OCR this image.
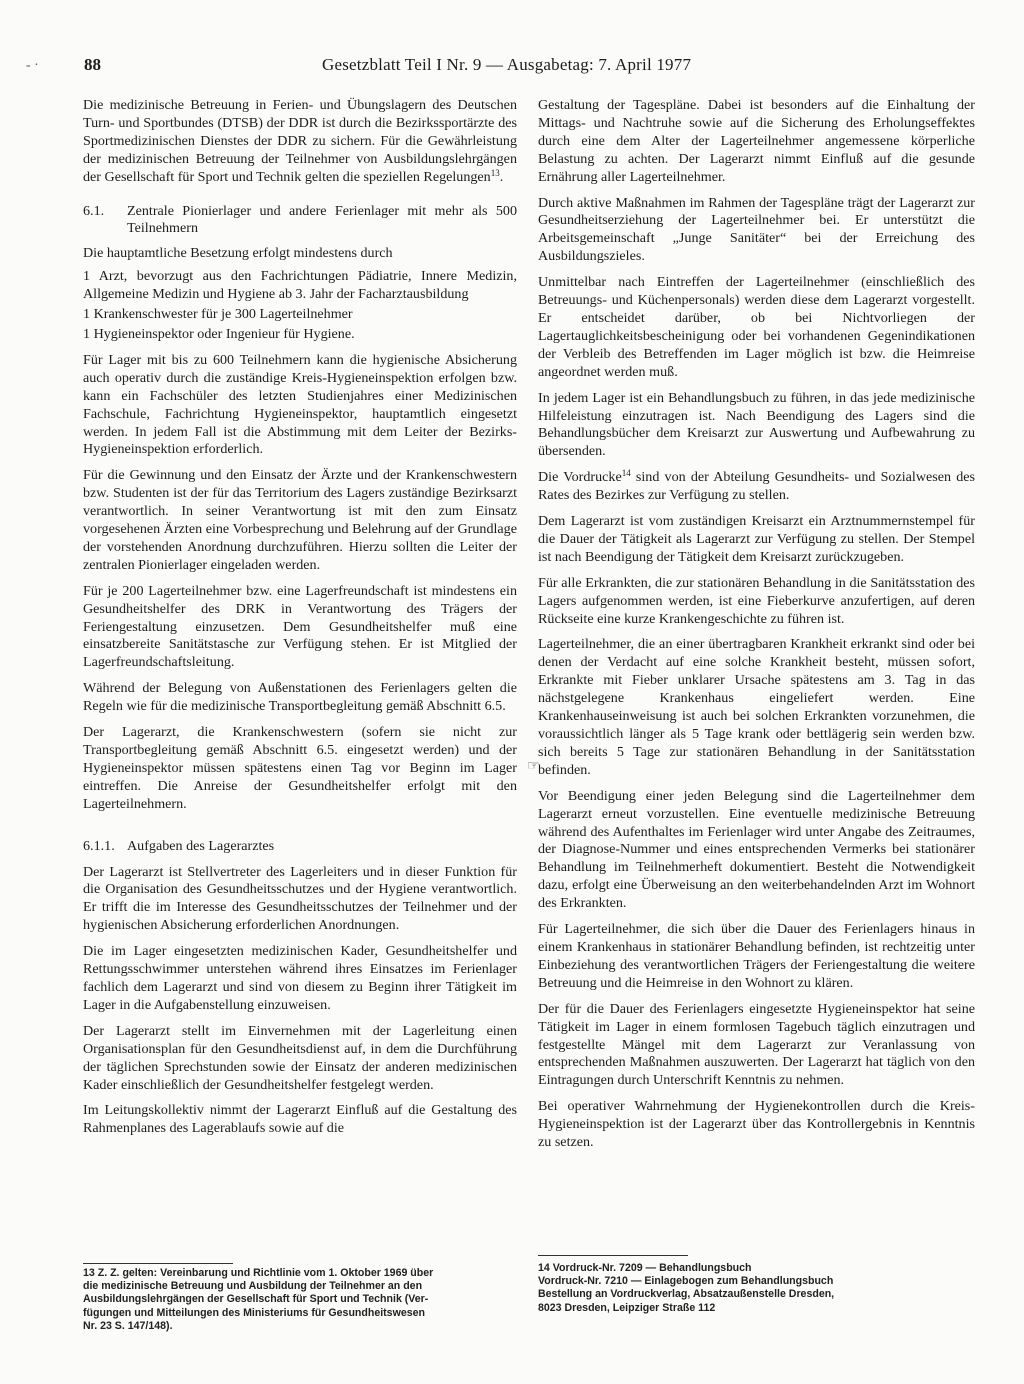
- ·	88	Gesetzblatt Teil I Nr. 9 — Ausgabetag: 7. April 1977

Die medizinische Betreuung in Ferien- und Übungslagern des Deutschen Turn- und Sportbundes (DTSB) der DDR ist durch die Bezirkssportärzte des Sportmedizinischen Dienstes der DDR zu sichern. Für die Gewährleistung der medizinischen Betreuung der Teilnehmer von Ausbildungslehrgängen der Gesellschaft für Sport und Technik gelten die speziellen Regelungen$^{13}$.

6.1.	Zentrale Pionierlager und andere Ferienlager mit mehr als 500 Teilnehmern

Die hauptamtliche Besetzung erfolgt mindestens durch

1 Arzt, bevorzugt aus den Fachrichtungen Pädiatrie, Innere Medizin, Allgemeine Medizin und Hygiene ab 3. Jahr der Facharztausbildung

1 Krankenschwester für je 300 Lagerteilnehmer

1 Hygieneinspektor oder Ingenieur für Hygiene.

Für Lager mit bis zu 600 Teilnehmern kann die hygienische Absicherung auch operativ durch die zuständige Kreis-Hygieneinspektion erfolgen bzw. kann ein Fachschüler des letzten Studienjahres einer Medizinischen Fachschule, Fachrichtung Hygieneinspektor, hauptamtlich eingesetzt werden. In jedem Fall ist die Abstimmung mit dem Leiter der Bezirks-Hygieneinspektion erforderlich.

Für die Gewinnung und den Einsatz der Ärzte und der Krankenschwestern bzw. Studenten ist der für das Territorium des Lagers zuständige Bezirksarzt verantwortlich. In seiner Verantwortung ist mit den zum Einsatz vorgesehenen Ärzten eine Vorbesprechung und Belehrung auf der Grundlage der vorstehenden Anordnung durchzuführen. Hierzu sollten die Leiter der zentralen Pionierlager eingeladen werden.

Für je 200 Lagerteilnehmer bzw. eine Lagerfreundschaft ist mindestens ein Gesundheitshelfer des DRK in Verantwortung des Trägers der Feriengestaltung einzusetzen. Dem Gesundheitshelfer muß eine einsatzbereite Sanitätstasche zur Verfügung stehen. Er ist Mitglied der Lagerfreundschaftsleitung.

Während der Belegung von Außenstationen des Ferienlagers gelten die Regeln wie für die medizinische Transportbegleitung gemäß Abschnitt 6.5.

Der Lagerarzt, die Krankenschwestern (sofern sie nicht zur Transportbegleitung gemäß Abschnitt 6.5. eingesetzt werden) und der Hygieneinspektor müssen spätestens einen Tag vor Beginn im Lager eintreffen. Die Anreise der Gesundheitshelfer erfolgt mit den Lagerteilnehmern.

6.1.1. Aufgaben des Lagerarztes

Der Lagerarzt ist Stellvertreter des Lagerleiters und in dieser Funktion für die Organisation des Gesundheitsschutzes und der Hygiene verantwortlich. Er trifft die im Interesse des Gesundheitsschutzes der Teilnehmer und der hygienischen Absicherung erforderlichen Anordnungen.

Die im Lager eingesetzten medizinischen Kader, Gesundheitshelfer und Rettungsschwimmer unterstehen während ihres Einsatzes im Ferienlager fachlich dem Lagerarzt und sind von diesem zu Beginn ihrer Tätigkeit im Lager in die Aufgabenstellung einzuweisen.

Der Lagerarzt stellt im Einvernehmen mit der Lagerleitung einen Organisationsplan für den Gesundheitsdienst auf, in dem die Durchführung der täglichen Sprechstunden sowie der Einsatz der anderen medizinischen Kader einschließlich der Gesundheitshelfer festgelegt werden.

Im Leitungskollektiv nimmt der Lagerarzt Einfluß auf die Gestaltung des Rahmenplanes des Lagerablaufs sowie auf die

Gestaltung der Tagespläne. Dabei ist besonders auf die Einhaltung der Mittags- und Nachtruhe sowie auf die Sicherung des Erholungseffektes durch eine dem Alter der Lagerteilnehmer angemessene körperliche Belastung zu achten. Der Lagerarzt nimmt Einfluß auf die gesunde Ernährung aller Lagerteilnehmer.

Durch aktive Maßnahmen im Rahmen der Tagespläne trägt der Lagerarzt zur Gesundheitserziehung der Lagerteilnehmer bei. Er unterstützt die Arbeitsgemeinschaft „Junge Sanitäter“ bei der Erreichung des Ausbildungszieles.

Unmittelbar nach Eintreffen der Lagerteilnehmer (einschließlich des Betreuungs- und Küchenpersonals) werden diese dem Lagerarzt vorgestellt. Er entscheidet darüber, ob bei Nichtvorliegen der Lagertauglichkeitsbescheinigung oder bei vorhandenen Gegenindikationen der Verbleib des Betreffenden im Lager möglich ist bzw. die Heimreise angeordnet werden muß.

In jedem Lager ist ein Behandlungsbuch zu führen, in das jede medizinische Hilfeleistung einzutragen ist. Nach Beendigung des Lagers sind die Behandlungsbücher dem Kreisarzt zur Auswertung und Aufbewahrung zu übersenden.

Die Vordrucke$^{14}$ sind von der Abteilung Gesundheits- und Sozialwesen des Rates des Bezirkes zur Verfügung zu stellen.

Dem Lagerarzt ist vom zuständigen Kreisarzt ein Arztnummernstempel für die Dauer der Tätigkeit als Lagerarzt zur Verfügung zu stellen. Der Stempel ist nach Beendigung der Tätigkeit dem Kreisarzt zurückzugeben.

Für alle Erkrankten, die zur stationären Behandlung in die Sanitätsstation des Lagers aufgenommen werden, ist eine Fieberkurve anzufertigen, auf deren Rückseite eine kurze Krankengeschichte zu führen ist.

Lagerteilnehmer, die an einer übertragbaren Krankheit erkrankt sind oder bei denen der Verdacht auf eine solche Krankheit besteht, müssen sofort, Erkrankte mit Fieber unklarer Ursache spätestens am 3. Tag in das nächstgelegene Krankenhaus eingeliefert werden. Eine Krankenhauseinweisung ist auch bei solchen Erkrankten vorzunehmen, die voraussichtlich länger als 5 Tage krank oder bettlägerig sein werden bzw. sich bereits 5 Tage zur stationären Behandlung in der Sanitätsstation befinden.

Vor Beendigung einer jeden Belegung sind die Lagerteilnehmer dem Lagerarzt erneut vorzustellen. Eine eventuelle medizinische Betreuung während des Aufenthaltes im Ferienlager wird unter Angabe des Zeitraumes, der Diagnose-Nummer und eines entsprechenden Vermerks bei stationärer Behandlung im Teilnehmerheft dokumentiert. Besteht die Notwendigkeit dazu, erfolgt eine Überweisung an den weiterbehandelnden Arzt im Wohnort des Erkrankten.

Für Lagerteilnehmer, die sich über die Dauer des Ferienlagers hinaus in einem Krankenhaus in stationärer Behandlung befinden, ist rechtzeitig unter Einbeziehung des verantwortlichen Trägers der Feriengestaltung die weitere Betreuung und die Heimreise in den Wohnort zu klären.

Der für die Dauer des Ferienlagers eingesetzte Hygieneinspektor hat seine Tätigkeit im Lager in einem formlosen Tagebuch täglich einzutragen und festgestellte Mängel mit dem Lagerarzt zur Veranlassung von entsprechenden Maßnahmen auszuwerten. Der Lagerarzt hat täglich von den Eintragungen durch Unterschrift Kenntnis zu nehmen.

Bei operativer Wahrnehmung der Hygienekontrollen durch die Kreis-Hygieneinspektion ist der Lagerarzt über das Kontrollergebnis in Kenntnis zu setzen.

☞
13 Z. Z. gelten: Vereinbarung und Richtlinie vom 1. Oktober 1969 über
die medizinische Betreuung und Ausbildung der Teilnehmer an den
Ausbildungslehrgängen der Gesellschaft für Sport und Technik (Ver-
fügungen und Mitteilungen des Ministeriums für Gesundheitswesen
Nr. 23 S. 147/148).
14 Vordruck-Nr. 7209 — Behandlungsbuch
Vordruck-Nr. 7210 — Einlagebogen zum Behandlungsbuch
Bestellung an Vordruckverlag, Absatzaußenstelle Dresden,
8023 Dresden, Leipziger Straße 112
